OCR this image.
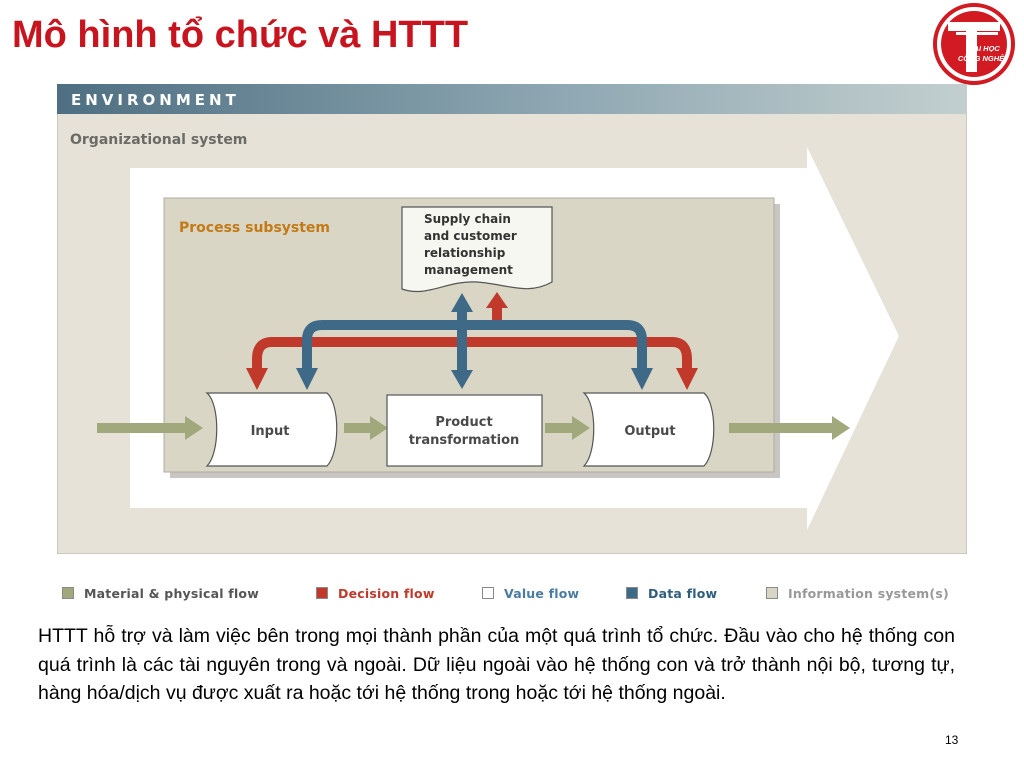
Mô hình tổ chức và HTTT	ĐẠI HỌC
CÔNG NGHỆ
ENVIRONMENT
Organizational system
Process subsystem
Supply chain
and customer
relationship
management
Input
Product
transformation
Output
Material & physical flow	Decision flow	Value flow	Data flow	Information system(s)

HTTT hỗ trợ và làm việc bên trong mọi thành phần của một quá trình tổ chức. Đầu vào cho hệ thống con quá trình là các tài nguyên trong và ngoài. Dữ liệu ngoài vào hệ thống con và trở thành nội bộ, tương tự, hàng hóa/dịch vụ được xuất ra hoặc tới hệ thống trong hoặc tới hệ thống ngoài.

13
